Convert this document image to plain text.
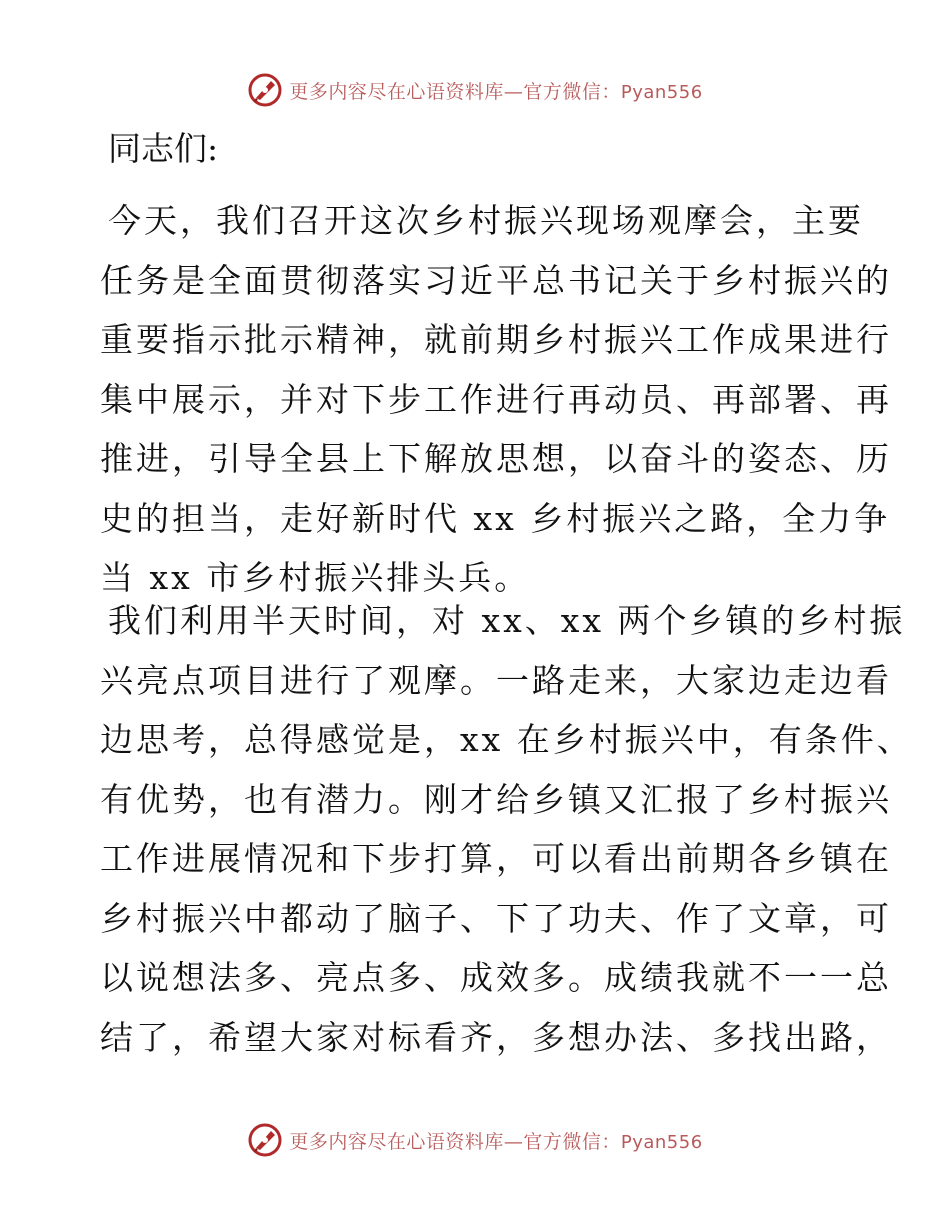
更多内容尽在心语资料库—官方微信：Pyan556
同志们:
今天，我们召开这次乡村振兴现场观摩会，主要
任务是全面贯彻落实习近平总书记关于乡村振兴的
重要指示批示精神，就前期乡村振兴工作成果进行
集中展示，并对下步工作进行再动员、再部署、再
推进，引导全县上下解放思想，以奋斗的姿态、历
史的担当，走好新时代 xx 乡村振兴之路，全力争
当 xx 市乡村振兴排头兵。
我们利用半天时间，对 xx、xx 两个乡镇的乡村振
兴亮点项目进行了观摩。一路走来，大家边走边看
边思考，总得感觉是，xx 在乡村振兴中，有条件、
有优势，也有潜力。刚才给乡镇又汇报了乡村振兴
工作进展情况和下步打算，可以看出前期各乡镇在
乡村振兴中都动了脑子、下了功夫、作了文章，可
以说想法多、亮点多、成效多。成绩我就不一一总
结了，希望大家对标看齐，多想办法、多找出路，
更多内容尽在心语资料库—官方微信：Pyan556
